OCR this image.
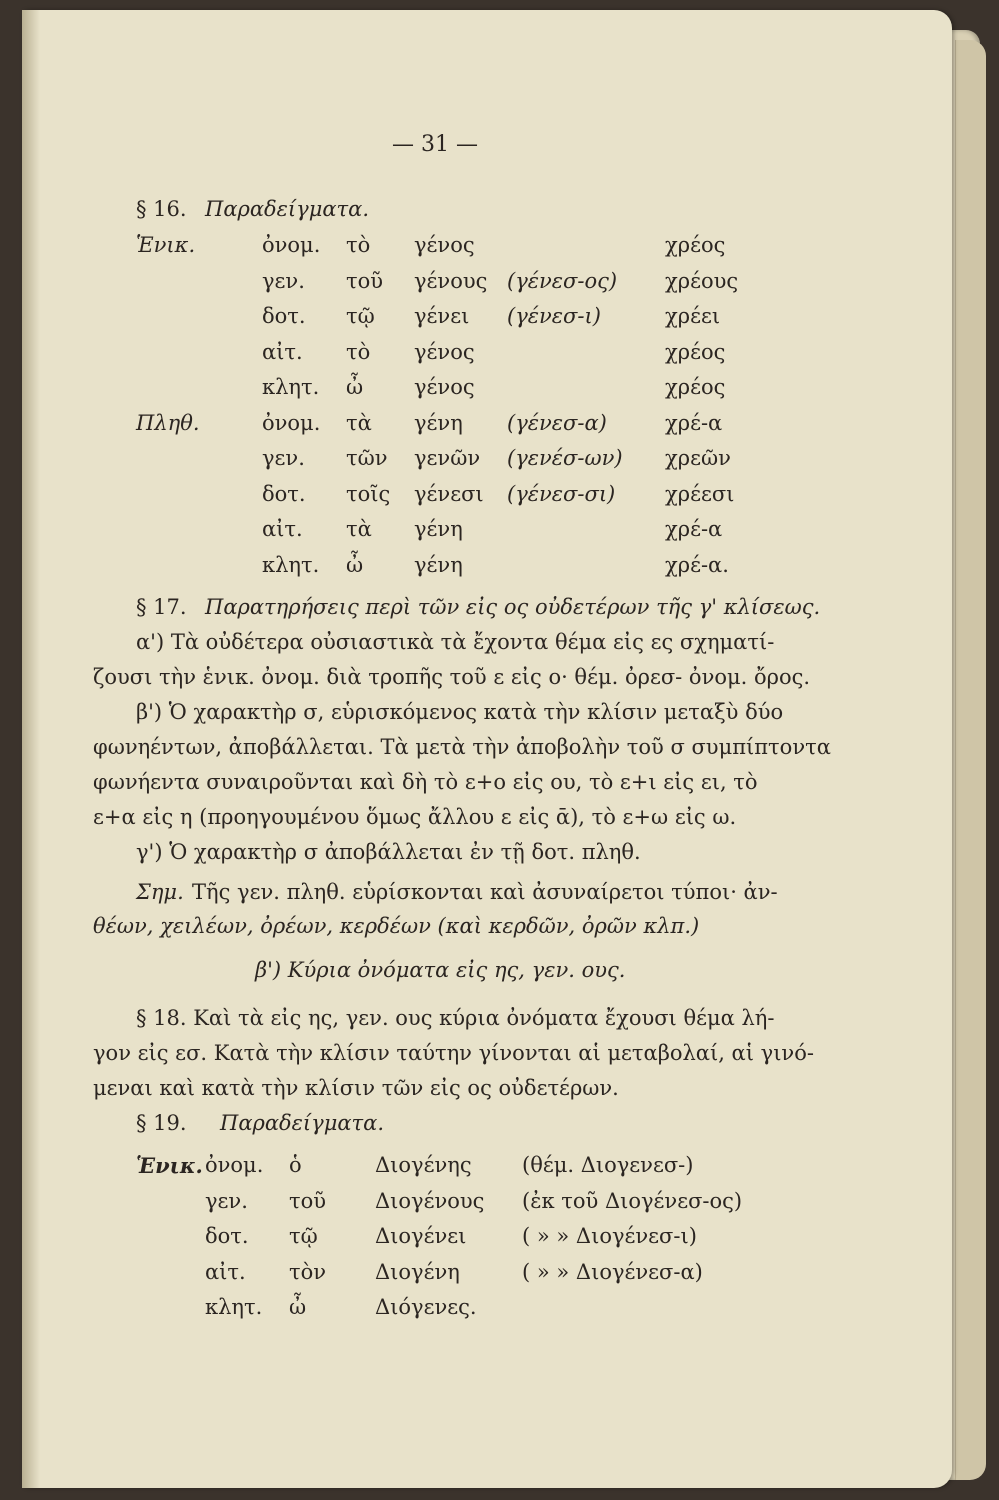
— 31 —
§ 16. Παραδείγματα.
Ἑνικ.	ὀνομ. τὸ γένος	χρέος
γεν. τοῦ γένους (γένεσ-ος) χρέους
δοτ. τῷ γένει (γένεσ-ι)	χρέει
αἰτ. τὸ γένος	χρέος
κλητ. ὦ γένος	χρέος
Πληθ.	ὀνομ. τὰ γένη (γένεσ-α)	χρέ-α
γεν. τῶν γενῶν (γενέσ-ων) χρεῶν
δοτ. τοῖς γένεσι (γένεσ-σι) χρέεσι
αἰτ. τὰ γένη	χρέ-α
κλητ. ὦ γένη	χρέ-α.
§ 17. Παρατηρήσεις περὶ τῶν εἰς ος οὐδετέρων τῆς γ' κλίσεως.
α') Τὰ οὐδέτερα οὐσιαστικὰ τὰ ἔχοντα θέμα εἰς ες σχηματί-
ζουσι τὴν ἑνικ. ὀνομ. διὰ τροπῆς τοῦ ε εἰς ο· θέμ. ὀρεσ- ὀνομ. ὄρος.
β') Ὁ χαρακτὴρ σ, εὑρισκόμενος κατὰ τὴν κλίσιν μεταξὺ δύο
φωνηέντων, ἀποβάλλεται. Τὰ μετὰ τὴν ἀποβολὴν τοῦ σ συμπίπτοντα
φωνήεντα συναιροῦνται καὶ δὴ τὸ ε+ο εἰς ου, τὸ ε+ι εἰς ει, τὸ
ε+α εἰς η (προηγουμένου ὅμως ἄλλου ε εἰς ᾱ), τὸ ε+ω εἰς ω.
γ') Ὁ χαρακτὴρ σ ἀποβάλλεται ἐν τῇ δοτ. πληθ.
Σημ. Τῆς γεν. πληθ. εὑρίσκονται καὶ ἀσυναίρετοι τύποι· ἀν-
θέων, χειλέων, ὀρέων, κερδέων (καὶ κερδῶν, ὀρῶν κλπ.)
β') Κύρια ὀνόματα εἰς ης, γεν. ους.
§ 18. Καὶ τὰ εἰς ης, γεν. ους κύρια ὀνόματα ἔχουσι θέμα λή-
γον εἰς εσ. Κατὰ τὴν κλίσιν ταύτην γίνονται αἱ μεταβολαί, αἱ γινό-
μεναι καὶ κατὰ τὴν κλίσιν τῶν εἰς ος οὐδετέρων.
§ 19. Παραδείγματα.
Ἑνικ. ὀνομ. ὁ	Διογένης (θέμ. Διογενεσ-)
γεν. τοῦ Διογένους (ἐκ τοῦ Διογένεσ-ος)
δοτ. τῷ	Διογένει	( » » Διογένεσ-ι)
αἰτ. τὸν Διογένη	( » » Διογένεσ-α)
κλητ. ὦ	Διόγενες.
